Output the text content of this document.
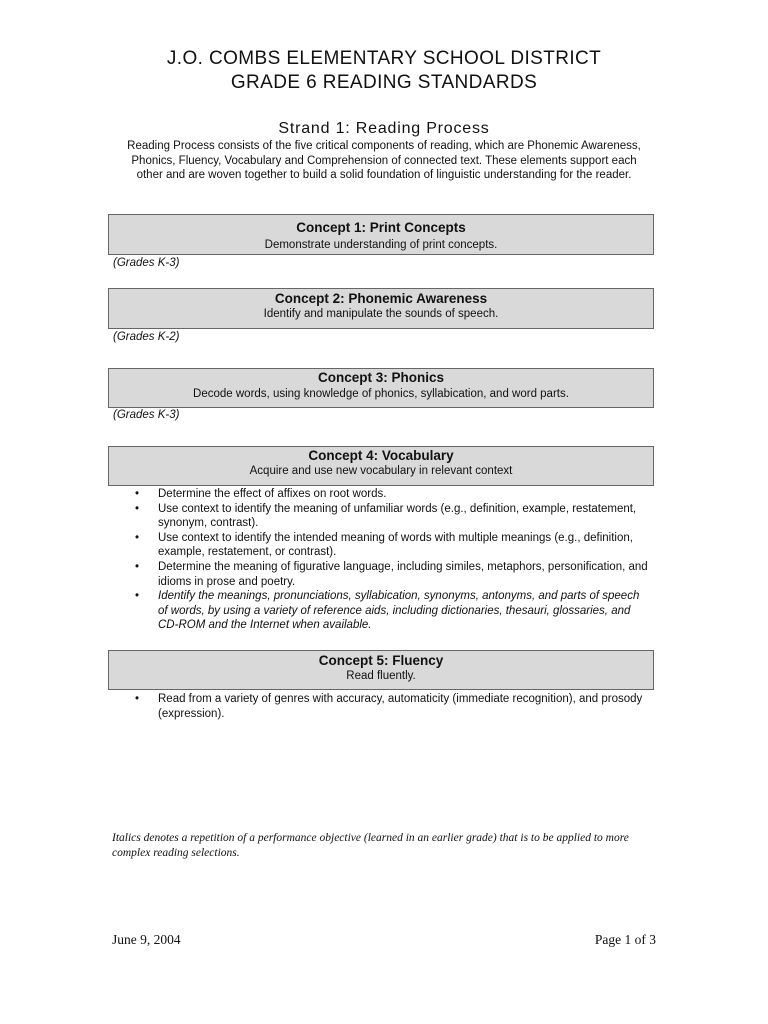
J.O. COMBS ELEMENTARY SCHOOL DISTRICT
GRADE 6 READING STANDARDS
Strand 1: Reading Process
Reading Process consists of the five critical components of reading, which are Phonemic Awareness, Phonics, Fluency, Vocabulary and Comprehension of connected text. These elements support each other and are woven together to build a solid foundation of linguistic understanding for the reader.
Concept 1: Print Concepts
Demonstrate understanding of print concepts.
(Grades K-3)
Concept 2: Phonemic Awareness
Identify and manipulate the sounds of speech.
(Grades K-2)
Concept 3: Phonics
Decode words, using knowledge of phonics, syllabication, and word parts.
(Grades K-3)
Concept 4: Vocabulary
Acquire and use new vocabulary in relevant context
• Determine the effect of affixes on root words.
• Use context to identify the meaning of unfamiliar words (e.g., definition, example, restatement, synonym, contrast).
• Use context to identify the intended meaning of words with multiple meanings (e.g., definition, example, restatement, or contrast).
• Determine the meaning of figurative language, including similes, metaphors, personification, and idioms in prose and poetry.
• Identify the meanings, pronunciations, syllabication, synonyms, antonyms, and parts of speech of words, by using a variety of reference aids, including dictionaries, thesauri, glossaries, and CD-ROM and the Internet when available.
Concept 5: Fluency
Read fluently.
• Read from a variety of genres with accuracy, automaticity (immediate recognition), and prosody (expression).
Italics denotes a repetition of a performance objective (learned in an earlier grade) that is to be applied to more complex reading selections.
June 9, 2004	Page 1 of 3
